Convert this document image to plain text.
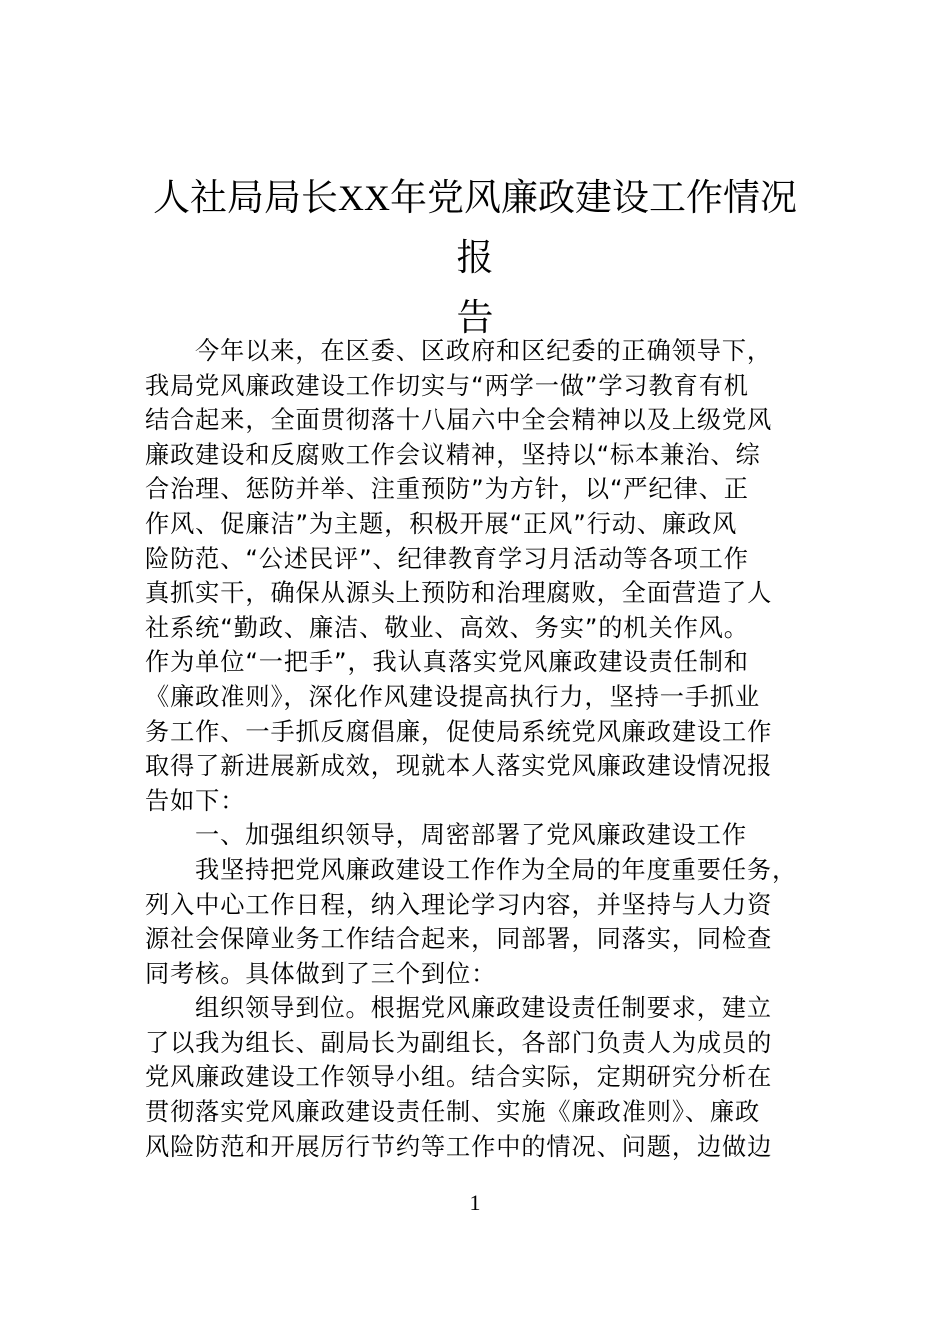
人社局局长XX年党风廉政建设工作情况报
告
今年以来，在区委、区政府和区纪委的正确领导下，
我局党风廉政建设工作切实与“两学一做”学习教育有机
结合起来，全面贯彻落十八届六中全会精神以及上级党风
廉政建设和反腐败工作会议精神，坚持以“标本兼治、综
合治理、惩防并举、注重预防”为方针，以“严纪律、正
作风、促廉洁”为主题，积极开展“正风”行动、廉政风
险防范、“公述民评”、纪律教育学习月活动等各项工作
真抓实干，确保从源头上预防和治理腐败，全面营造了人
社系统“勤政、廉洁、敬业、高效、务实”的机关作风。
作为单位“一把手”，我认真落实党风廉政建设责任制和
《廉政准则》，深化作风建设提高执行力，坚持一手抓业
务工作、一手抓反腐倡廉，促使局系统党风廉政建设工作
取得了新进展新成效，现就本人落实党风廉政建设情况报
告如下：
一、加强组织领导，周密部署了党风廉政建设工作
我坚持把党风廉政建设工作作为全局的年度重要任务，
列入中心工作日程，纳入理论学习内容，并坚持与人力资
源社会保障业务工作结合起来，同部署，同落实，同检查
同考核。具体做到了三个到位：
组织领导到位。根据党风廉政建设责任制要求，建立
了以我为组长、副局长为副组长，各部门负责人为成员的
党风廉政建设工作领导小组。结合实际，定期研究分析在
贯彻落实党风廉政建设责任制、实施《廉政准则》、廉政
风险防范和开展厉行节约等工作中的情况、问题，边做边
1
